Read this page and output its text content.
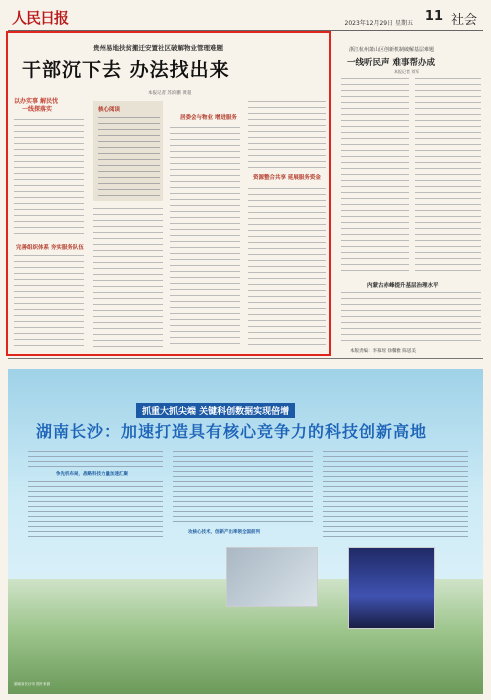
人民日报	2023年12月29日 星期五 11 社会
贵州易地扶贫搬迁安置社区破解物业管理难题
干部沉下去 办法找出来
本报记者 苏滨鹏 黄超
以办实事 解民忧
一线探落实
完善组织体系 夯实服务队伍
核心阅读
居委会与物业 增进服务
资源整合共享 延展服务资金
浙江杭州萧山区创新机制破解基层难题
一线听民声 难事帮办成
本报记者 刘军
内蒙古赤峰提升基层治理水平
本版责编：李慕瑶 徐馨雅 陈思美
抓重大抓尖端 关键科创数据实现倍增
湖南长沙：加速打造具有核心竞争力的科技创新高地
争先机布局，战略科技力量加速汇聚
攻核心技术，创新产出率领全国前列
湖南省长沙市 图片来源
